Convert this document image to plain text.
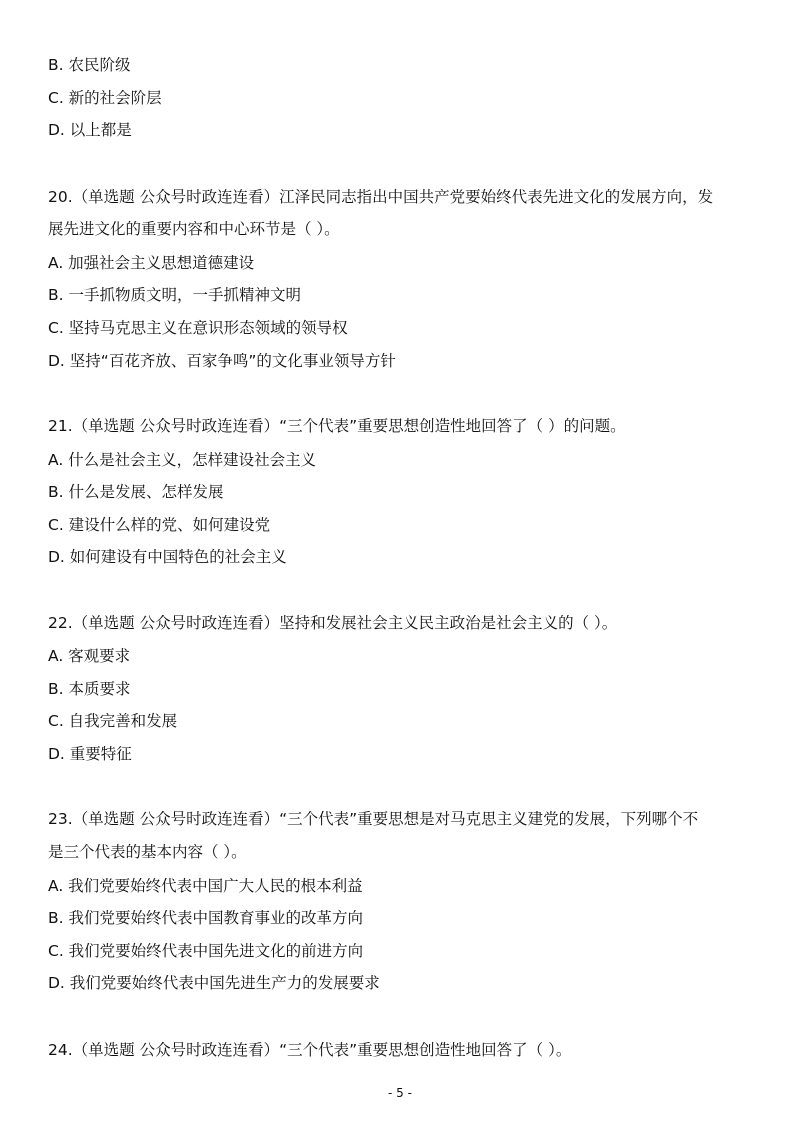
B. 农民阶级
C. 新的社会阶层
D. 以上都是
20.（单选题 公众号时政连连看）江泽民同志指出中国共产党要始终代表先进文化的发展方向，发
展先进文化的重要内容和中心环节是（ ）。
A. 加强社会主义思想道德建设
B. 一手抓物质文明，一手抓精神文明
C. 坚持马克思主义在意识形态领域的领导权
D. 坚持“百花齐放、百家争鸣”的文化事业领导方针
21.（单选题 公众号时政连连看）“三个代表”重要思想创造性地回答了（ ）的问题。
A. 什么是社会主义，怎样建设社会主义
B. 什么是发展、怎样发展
C. 建设什么样的党、如何建设党
D. 如何建设有中国特色的社会主义
22.（单选题 公众号时政连连看）坚持和发展社会主义民主政治是社会主义的（ ）。
A. 客观要求
B. 本质要求
C. 自我完善和发展
D. 重要特征
23.（单选题 公众号时政连连看）“三个代表”重要思想是对马克思主义建党的发展，下列哪个不
是三个代表的基本内容（ ）。
A. 我们党要始终代表中国广大人民的根本利益
B. 我们党要始终代表中国教育事业的改革方向
C. 我们党要始终代表中国先进文化的前进方向
D. 我们党要始终代表中国先进生产力的发展要求
24.（单选题 公众号时政连连看）“三个代表”重要思想创造性地回答了（ ）。
- 5 -
